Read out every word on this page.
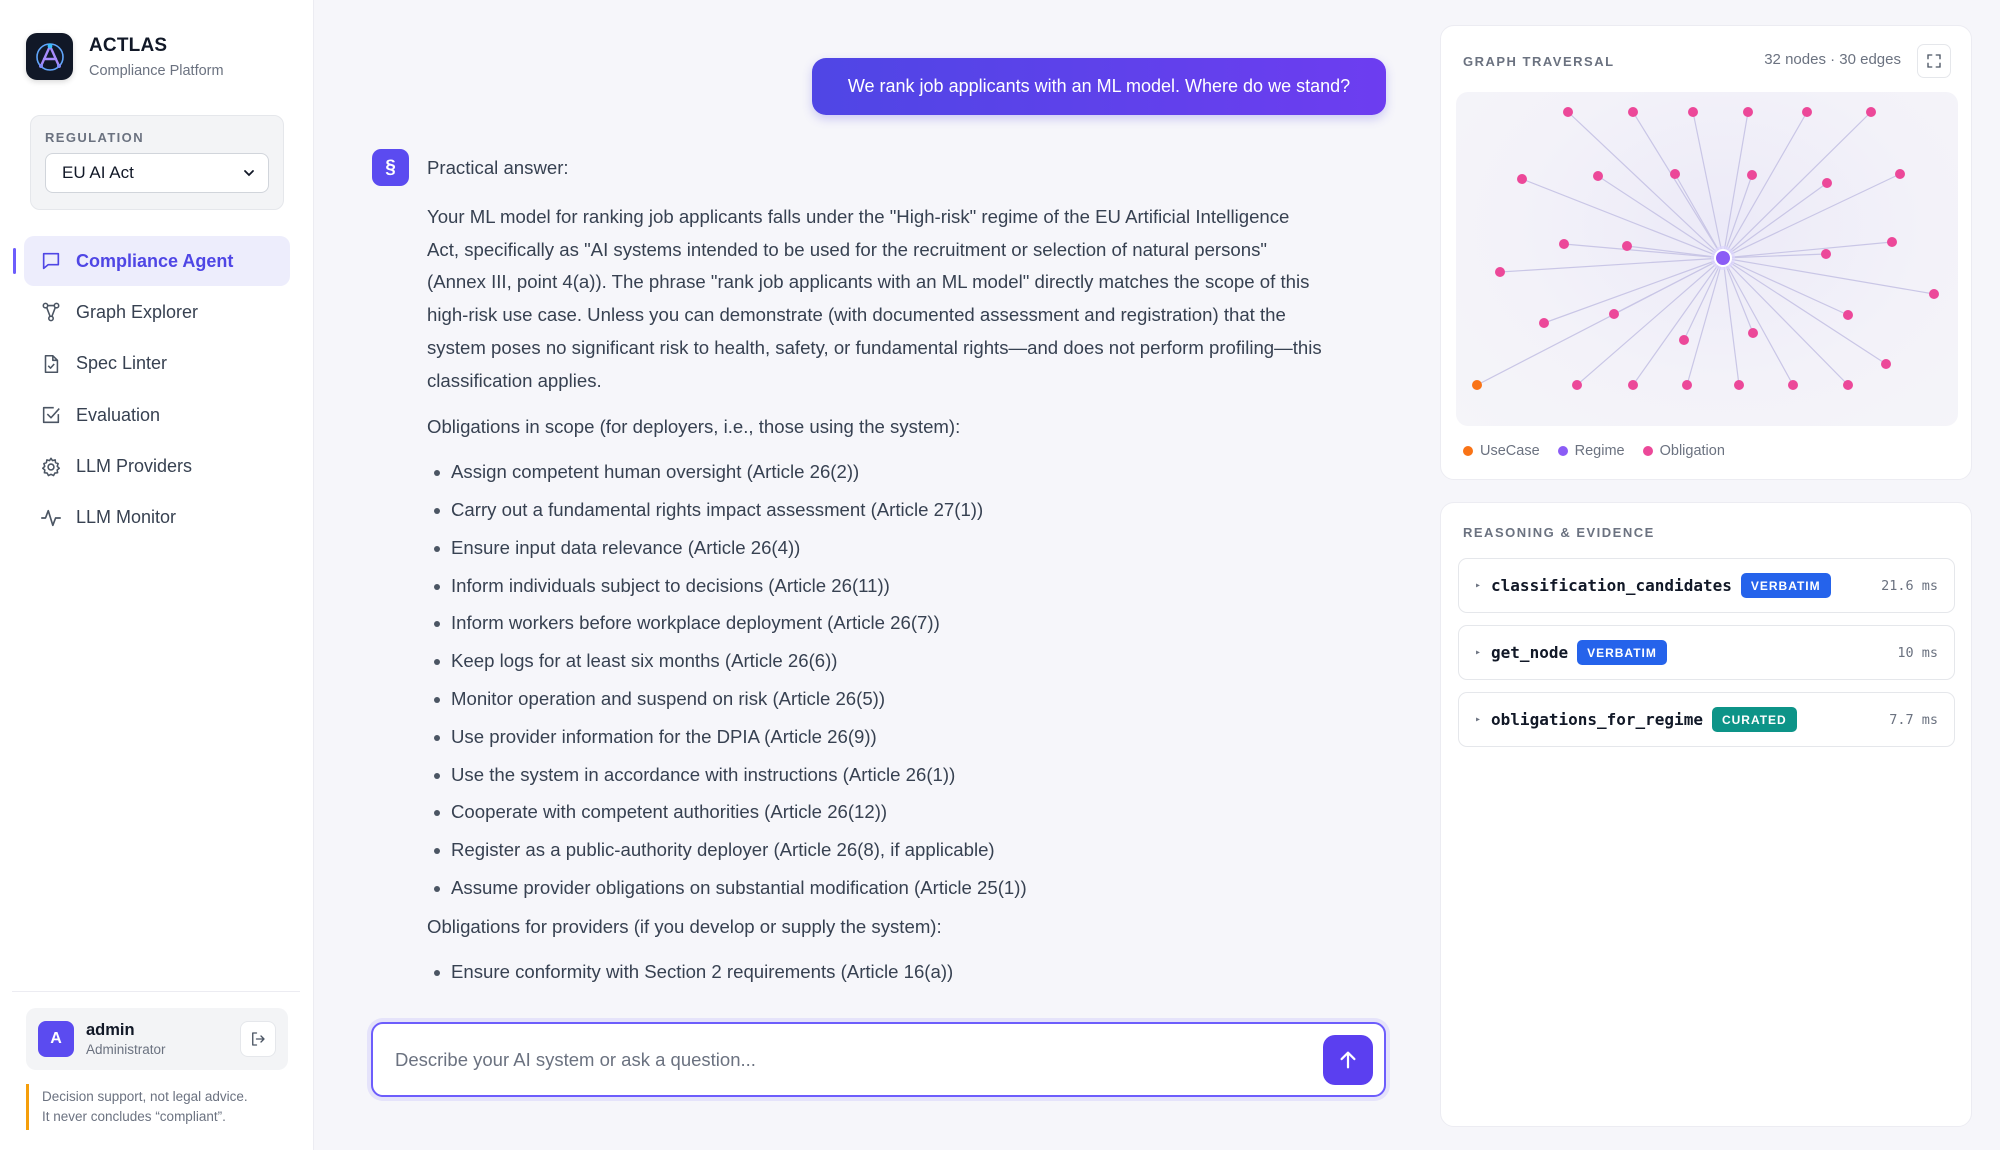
ACTLAS
Compliance Platform
REGULATION
EU AI Act
Compliance Agent
Graph Explorer
Spec Linter
Evaluation
LLM Providers
LLM Monitor
A	admin
Administrator
Decision support, not legal advice.
It never concludes “compliant”.
We rank job applicants with an ML model. Where do we stand?
§	Practical answer:
Your ML model for ranking job applicants falls under the "High-risk" regime of the EU Artificial Intelligence
Act, specifically as "AI systems intended to be used for the recruitment or selection of natural persons"
(Annex III, point 4(a)). The phrase "rank job applicants with an ML model" directly matches the scope of this
high-risk use case. Unless you can demonstrate (with documented assessment and registration) that the
system poses no significant risk to health, safety, or fundamental rights—and does not perform profiling—this
classification applies.
Obligations in scope (for deployers, i.e., those using the system):
Assign competent human oversight (Article 26(2))
Carry out a fundamental rights impact assessment (Article 27(1))
Ensure input data relevance (Article 26(4))
Inform individuals subject to decisions (Article 26(11))
Inform workers before workplace deployment (Article 26(7))
Keep logs for at least six months (Article 26(6))
Monitor operation and suspend on risk (Article 26(5))
Use provider information for the DPIA (Article 26(9))
Use the system in accordance with instructions (Article 26(1))
Cooperate with competent authorities (Article 26(12))
Register as a public-authority deployer (Article 26(8), if applicable)
Assume provider obligations on substantial modification (Article 25(1))
Obligations for providers (if you develop or supply the system):
Ensure conformity with Section 2 requirements (Article 16(a))
Describe your AI system or ask a question...
GRAPH TRAVERSAL	32 nodes · 30 edges
UseCase Regime Obligation
REASONING & EVIDENCE
▸ classification_candidates	VERBATIM	21.6 ms
▸ get_node	VERBATIM	10 ms
▸ obligations_for_regime	CURATED	7.7 ms
